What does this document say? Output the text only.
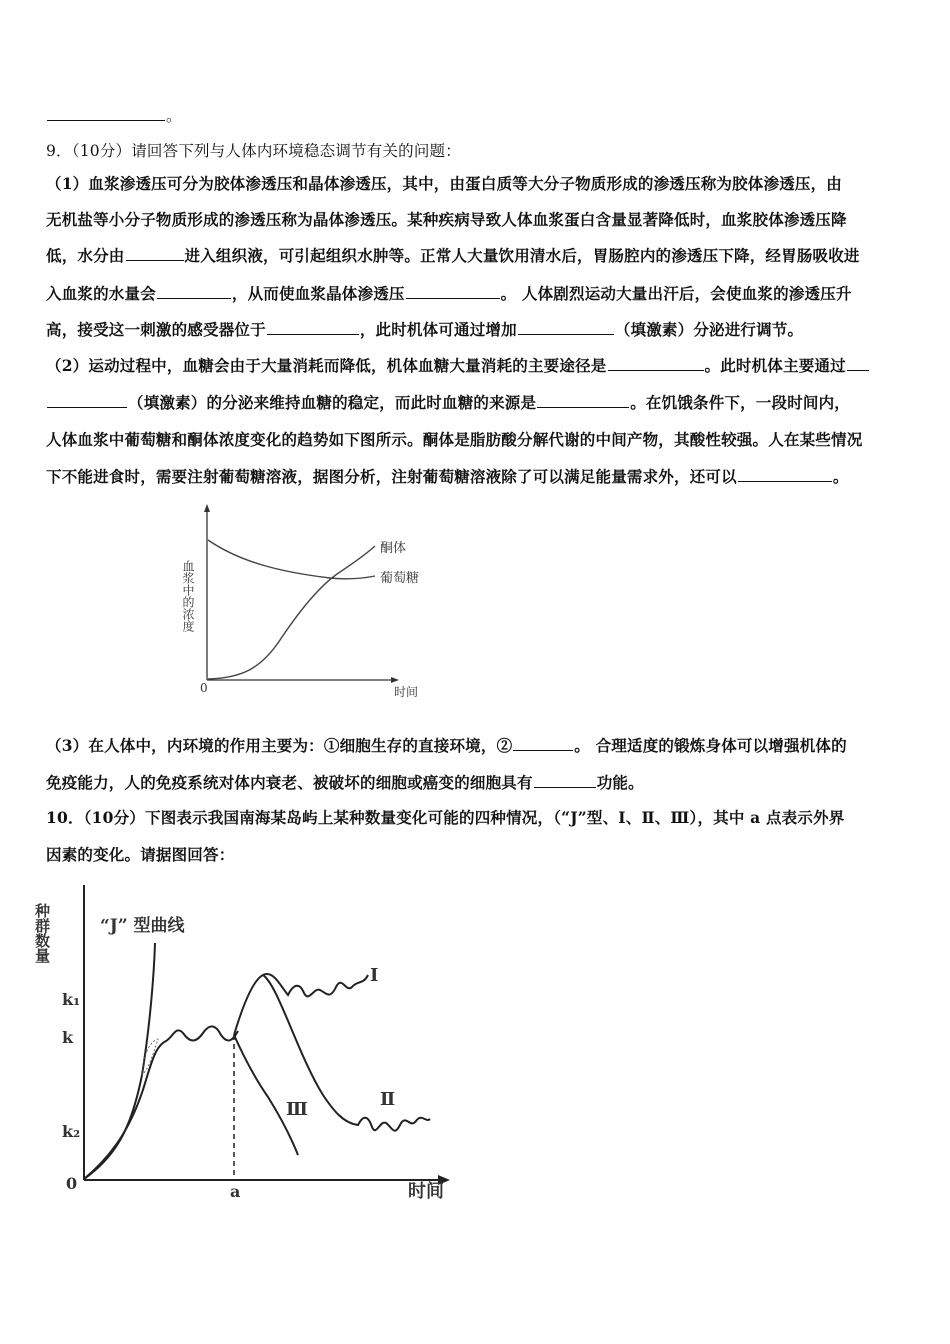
。
9．（10分）请回答下列与人体内环境稳态调节有关的问题：
（1）血浆渗透压可分为胶体渗透压和晶体渗透压，其中，由蛋白质等大分子物质形成的渗透压称为胶体渗透压，由
无机盐等小分子物质形成的渗透压称为晶体渗透压。某种疾病导致人体血浆蛋白含量显著降低时，血浆胶体渗透压降
低，水分由	进入组织液，可引起组织水肿等。正常人大量饮用清水后，胃肠腔内的渗透压下降，经胃肠吸收进
入血浆的水量会	，从而使血浆晶体渗透压	。 人体剧烈运动大量出汗后，会使血浆的渗透压升
高，接受这一刺激的感受器位于	，此时机体可通过增加	（填激素）分泌进行调节。
（2）运动过程中，血糖会由于大量消耗而降低，机体血糖大量消耗的主要途径是	。此时机体主要通过
（填激素）的分泌来维持血糖的稳定，而此时血糖的来源是	。在饥饿条件下，一段时间内，
人体血浆中葡萄糖和酮体浓度变化的趋势如下图所示。酮体是脂肪酸分解代谢的中间产物，其酸性较强。人在某些情况
下不能进食时，需要注射葡萄糖溶液，据图分析，注射葡萄糖溶液除了可以满足能量需求外，还可以	。
酮体
葡萄糖
0	时间
血浆中的浓度
（3）在人体中，内环境的作用主要为：①细胞生存的直接环境，②	。 合理适度的锻炼身体可以增强机体的
免疫能力，人的免疫系统对体内衰老、被破坏的细胞或癌变的细胞具有	功能。
10．（10分）下图表示我国南海某岛屿上某种数量变化可能的四种情况，（“J”型、Ⅰ、Ⅱ、Ⅲ），其中 a 点表示外界
因素的变化。请据图回答：
种群数量
k₁
k
k₂
0	a	时间
“J” 型曲线
Ⅰ
Ⅱ
Ⅲ
